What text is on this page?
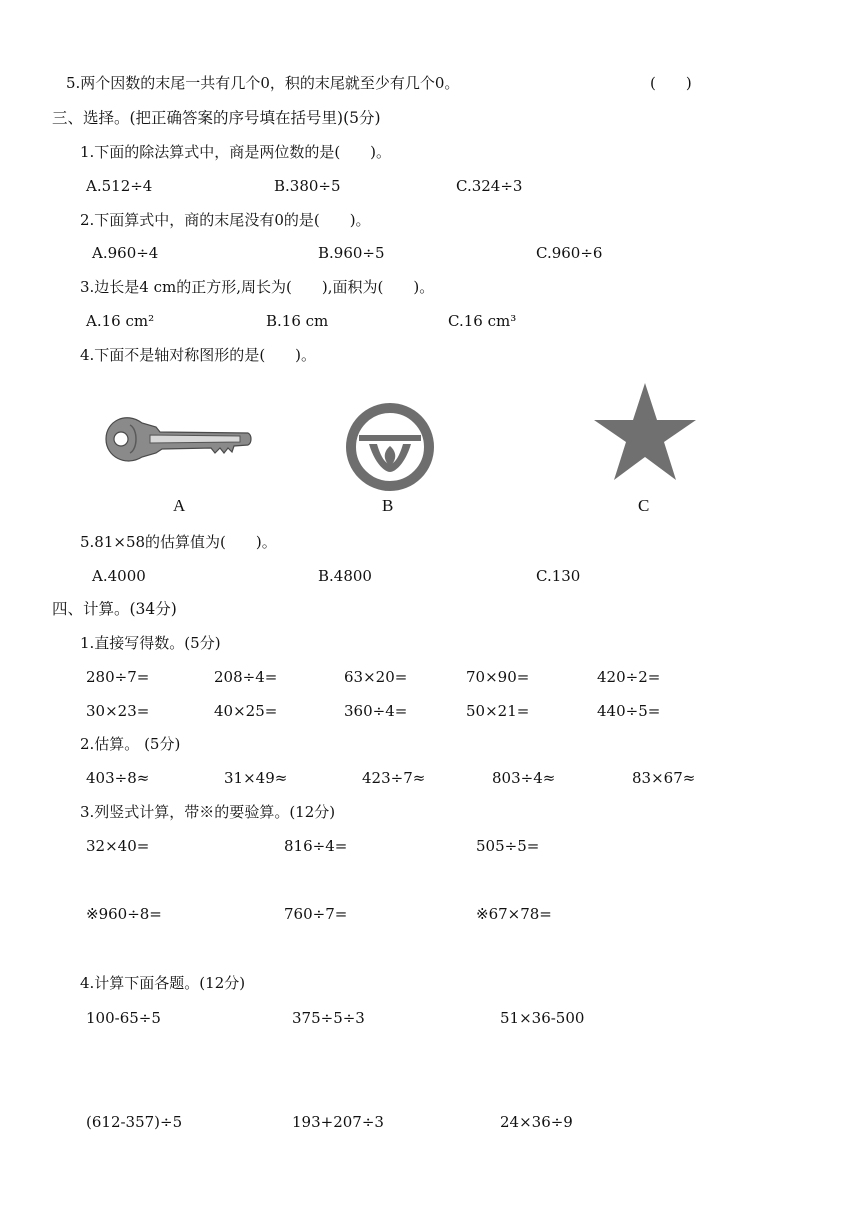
5.两个因数的末尾一共有几个0，积的末尾就至少有几个0。	(　　)
三、选择。(把正确答案的序号填在括号里)(5分)
1.下面的除法算式中，商是两位数的是(　　)。
A.512÷4	B.380÷5	C.324÷3
2.下面算式中，商的末尾没有0的是(　　)。
A.960÷4	B.960÷5	C.960÷6
3.边长是4 cm的正方形,周长为(　　),面积为(　　)。
A.16 cm²	B.16 cm	C.16 cm³
4.下面不是轴对称图形的是(　　)。
A	B	C
5.81×58的估算值为(　　)。
A.4000	B.4800	C.130
四、计算。(34分)
1.直接写得数。(5分)
280÷7=	208÷4=	63×20=	70×90=	420÷2=
30×23=	40×25=	360÷4=	50×21=	440÷5=
2.估算。 (5分)
403÷8≈	31×49≈	423÷7≈	803÷4≈	83×67≈
3.列竖式计算，带※的要验算。(12分)
32×40=	816÷4=	505÷5=
※960÷8=	760÷7=	※67×78=
4.计算下面各题。(12分)
100-65÷5	375÷5÷3	51×36-500
(612-357)÷5	193+207÷3	24×36÷9
